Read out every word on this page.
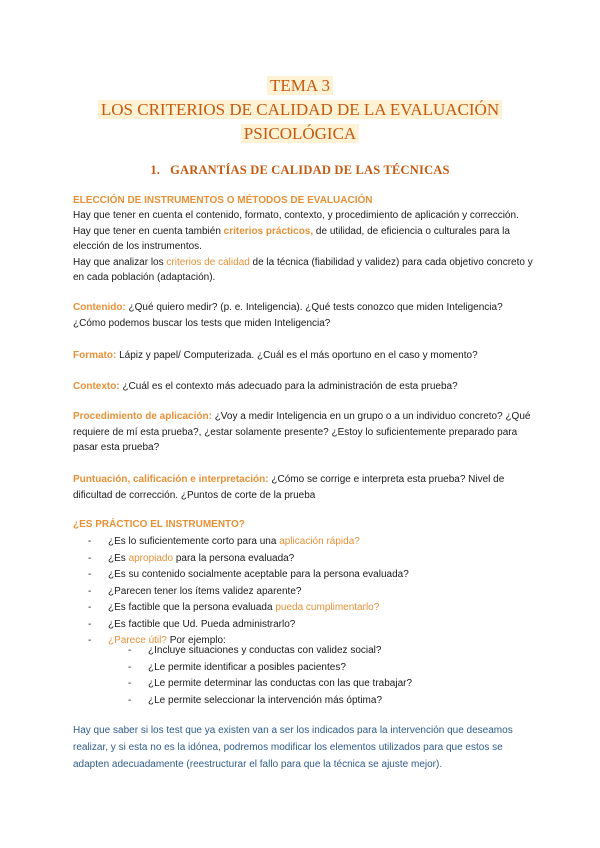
TEMA 3
LOS CRITERIOS DE CALIDAD DE LA EVALUACIÓN
PSICOLÓGICA
1. GARANTÍAS DE CALIDAD DE LAS TÉCNICAS
ELECCIÓN DE INSTRUMENTOS O MÉTODOS DE EVALUACIÓN
Hay que tener en cuenta el contenido, formato, contexto, y procedimiento de aplicación y corrección.
Hay que tener en cuenta también criterios prácticos, de utilidad, de eficiencia o culturales para la elección de los instrumentos.
Hay que analizar los criterios de calidad de la técnica (fiabilidad y validez) para cada objetivo concreto y en cada población (adaptación).
Contenido: ¿Qué quiero medir? (p. e. Inteligencia). ¿Qué tests conozco que miden Inteligencia? ¿Cómo podemos buscar los tests que miden Inteligencia?
Formato: Lápiz y papel/ Computerizada. ¿Cuál es el más oportuno en el caso y momento?
Contexto: ¿Cuál es el contexto más adecuado para la administración de esta prueba?
Procedimiento de aplicación: ¿Voy a medir Inteligencia en un grupo o a un individuo concreto? ¿Qué requiere de mí esta prueba?, ¿estar solamente presente? ¿Estoy lo suficientemente preparado para pasar esta prueba?
Puntuación, calificación e interpretación: ¿Cómo se corrige e interpreta esta prueba? Nivel de dificultad de corrección. ¿Puntos de corte de la prueba
¿ES PRÁCTICO EL INSTRUMENTO?
- ¿Es lo suficientemente corto para una aplicación rápida?
- ¿Es apropiado para la persona evaluada?
- ¿Es su contenido socialmente aceptable para la persona evaluada?
- ¿Parecen tener los ítems validez aparente?
- ¿Es factible que la persona evaluada pueda cumplimentarlo?
- ¿Es factible que Ud. Pueda administrarlo?
- ¿Parece útil? Por ejemplo:
- ¿Incluye situaciones y conductas con validez social?
- ¿Le permite identificar a posibles pacientes?
- ¿Le permite determinar las conductas con las que trabajar?
- ¿Le permite seleccionar la intervención más óptima?
Hay que saber si los test que ya existen van a ser los indicados para la intervención que deseamos realizar, y si esta no es la idónea, podremos modificar los elementos utilizados para que estos se adapten adecuadamente (reestructurar el fallo para que la técnica se ajuste mejor).
